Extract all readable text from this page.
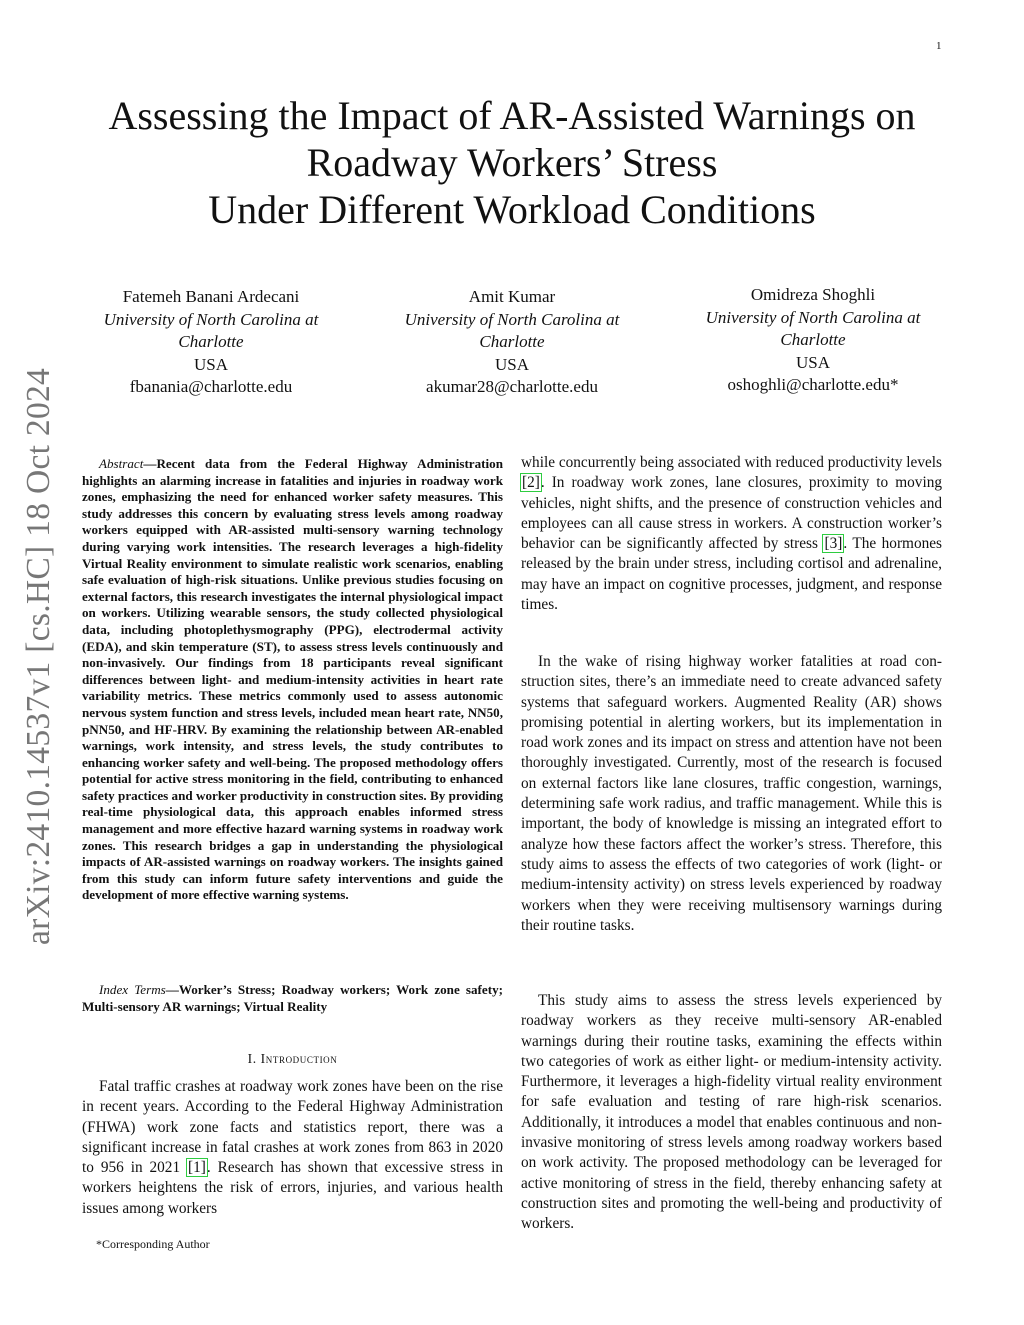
1
arXiv:2410.14537v1 [cs.HC] 18 Oct 2024
Assessing the Impact of AR-Assisted Warnings on
Roadway Workers’ Stress
Under Different Workload Conditions
Fatemeh Banani Ardecani
University of North Carolina at
Charlotte
USA
fbanania@charlotte.edu
Amit Kumar
University of North Carolina at
Charlotte
USA
akumar28@charlotte.edu
Omidreza Shoghli
University of North Carolina at
Charlotte
USA
oshoghli@charlotte.edu*
Abstract—Recent data from the Federal Highway Administration highlights an alarming increase in fatalities and injuries in roadway work zones, emphasizing the need for enhanced worker safety measures. This study addresses this concern by evaluating stress levels among roadway workers equipped with AR-assisted multi-sensory warning technology during varying work intensities. The research leverages a high-fidelity Virtual Reality environment to simulate realistic work scenarios, enabling safe evaluation of high-risk situations. Unlike previous studies focusing on external factors, this research investigates the internal physiological impact on workers. Utilizing wearable sensors, the study collected physiological data, including photoplethysmography (PPG), electrodermal activity (EDA), and skin temperature (ST), to assess stress levels continuously and non-invasively. Our findings from 18 participants reveal significant differences between light- and medium-intensity activities in heart rate variability metrics. These metrics commonly used to assess autonomic nervous system function and stress levels, included mean heart rate, NN50, pNN50, and HF-HRV. By examining the relationship between AR-enabled warnings, work intensity, and stress levels, the study contributes to enhancing worker safety and well-being. The proposed methodology offers potential for active stress monitoring in the field, contributing to enhanced safety practices and worker productivity in construction sites. By providing real-time physiological data, this approach enables informed stress management and more effective hazard warning systems in roadway work zones. This research bridges a gap in understanding the physiological impacts of AR-assisted warnings on roadway workers. The insights gained from this study can inform future safety interventions and guide the development of more effective warning systems.
Index Terms—Worker’s Stress; Roadway workers; Work zone safety; Multi-sensory AR warnings; Virtual Reality
I. Introduction

Fatal traffic crashes at roadway work zones have been on the rise in recent years. According to the Federal Highway Administration (FHWA) work zone facts and statistics report, there was a significant increase in fatal crashes at work zones from 863 in 2020 to 956 in 2021 [1]. Research has shown that excessive stress in workers heightens the risk of errors, injuries, and various health issues among workers

while concurrently being associated with reduced productivity levels [2]. In roadway work zones, lane closures, proximity to moving vehicles, night shifts, and the presence of construction vehicles and employees can all cause stress in workers. A construction worker’s behavior can be significantly affected by stress [3]. The hormones released by the brain under stress, including cortisol and adrenaline, may have an impact on cognitive processes, judgment, and response times.

In the wake of rising highway worker fatalities at road construction sites, there’s an immediate need to create advanced safety systems that safeguard workers. Augmented Reality (AR) shows promising potential in alerting workers, but its implementation in road work zones and its impact on stress and attention have not been thoroughly investigated. Currently, most of the research is focused on external factors like lane closures, traffic congestion, warnings, determining safe work radius, and traffic management. While this is important, the body of knowledge is missing an integrated effort to analyze how these factors affect the worker’s stress. Therefore, this study aims to assess the effects of two categories of work (light- or medium-intensity activity) on stress levels experienced by roadway workers when they were receiving multisensory warnings during their routine tasks.

This study aims to assess the stress levels experienced by roadway workers as they receive multi-sensory AR-enabled warnings during their routine tasks, examining the effects within two categories of work as either light- or medium-intensity activity. Furthermore, it leverages a high-fidelity virtual reality environment for safe evaluation and testing of rare high-risk scenarios. Additionally, it introduces a model that enables continuous and non-invasive monitoring of stress levels among roadway workers based on work activity. The proposed methodology can be leveraged for active monitoring of stress in the field, thereby enhancing safety at construction sites and promoting the well-being and productivity of workers.

*Corresponding Author
